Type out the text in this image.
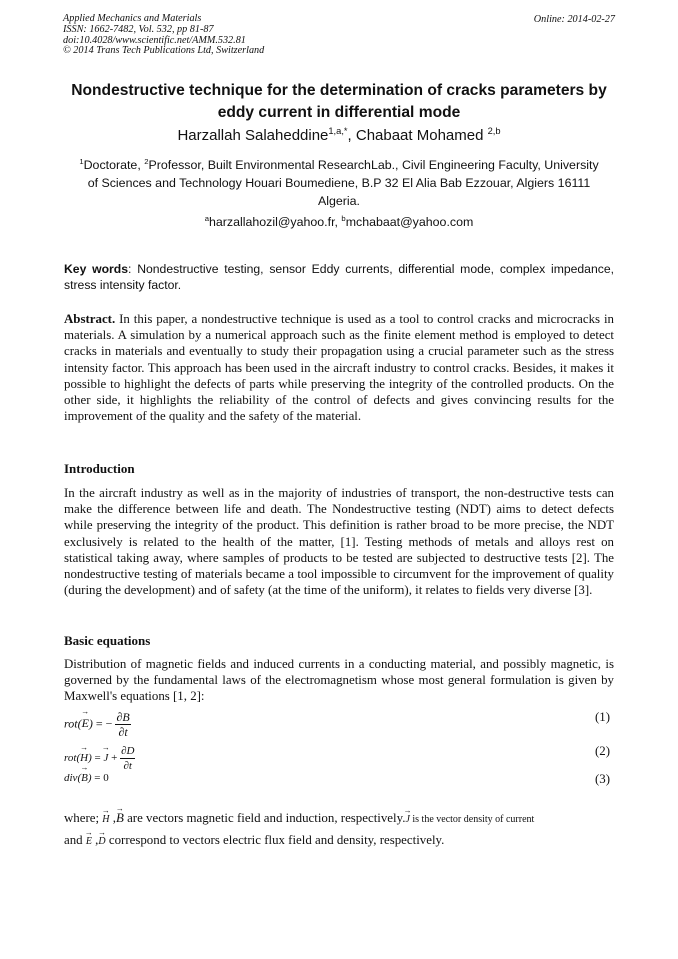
Applied Mechanics and Materials
ISSN: 1662-7482, Vol. 532, pp 81-87
doi:10.4028/www.scientific.net/AMM.532.81
© 2014 Trans Tech Publications Ltd, Switzerland
Online: 2014-02-27
Nondestructive technique for the determination of cracks parameters by
eddy current in differential mode
Harzallah Salaheddine$^{1,a,*}$, Chabaat Mohamed $^{2,b}$
$^1$Doctorate, $^2$Professor, Built Environmental ResearchLab., Civil Engineering Faculty, University
of Sciences and Technology Houari Boumediene, B.P 32 El Alia Bab Ezzouar, Algiers 16111
Algeria.
$^a$harzallahozil@yahoo.fr, $^b$mchabaat@yahoo.com
Key words: Nondestructive testing, sensor Eddy currents, differential mode, complex impedance, stress intensity factor.
Abstract. In this paper, a nondestructive technique is used as a tool to control cracks and microcracks in materials. A simulation by a numerical approach such as the finite element method is employed to detect cracks in materials and eventually to study their propagation using a crucial parameter such as the stress intensity factor. This approach has been used in the aircraft industry to control cracks. Besides, it makes it possible to highlight the defects of parts while preserving the integrity of the controlled products. On the other side, it highlights the reliability of the control of defects and gives convincing results for the improvement of the quality and the safety of the material.
Introduction
In the aircraft industry as well as in the majority of industries of transport, the non-destructive tests can make the difference between life and death. The Nondestructive testing (NDT) aims to detect defects while preserving the integrity of the product. This definition is rather broad to be more precise, the NDT exclusively is related to the health of the matter, [1]. Testing methods of metals and alloys rest on statistical taking away, where samples of products to be tested are subjected to destructive tests [2]. The nondestructive testing of materials became a tool impossible to circumvent for the improvement of quality (during the development) and of safety (at the time of the uniform), it relates to fields very diverse [3].
Basic equations
Distribution of magnetic fields and induced currents in a conducting material, and possibly magnetic, is governed by the fundamental laws of the electromagnetism whose most general formulation is given by Maxwell's equations [1, 2]:
rot(→ E) = − $\frac{\partial B}{\partial t}$	(1)
rot(→ H) = → $J + \frac{\partial D}{\partial t}$	(2)
div(→ B) = 0	(3)
where; → H ,→ B are vectors magnetic field and induction, respectively.→ J is the vector density of current
and → E ,→ D correspond to vectors electric flux field and density, respectively.
